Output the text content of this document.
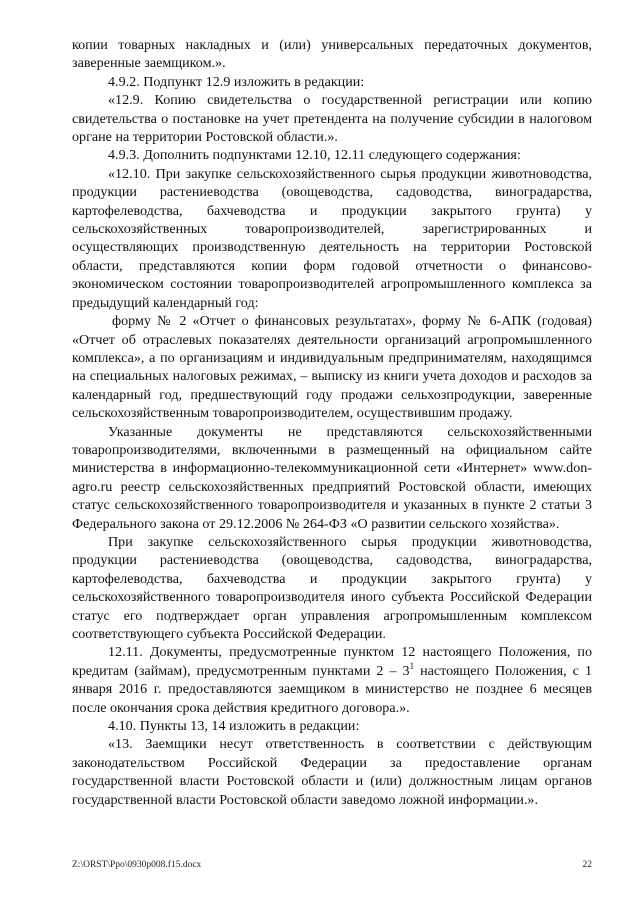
копии товарных накладных и (или) универсальных передаточных документов, заверенные заемщиком.».

4.9.2. Подпункт 12.9 изложить в редакции:

«12.9. Копию свидетельства о государственной регистрации или копию свидетельства о постановке на учет претендента на получение субсидии в налоговом органе на территории Ростовской области.».

4.9.3. Дополнить подпунктами 12.10, 12.11 следующего содержания:

«12.10. При закупке сельскохозяйственного сырья продукции животноводства, продукции растениеводства (овощеводства, садоводства, виноградарства, картофелеводства, бахчеводства и продукции закрытого грунта) у сельскохозяйственных товаропроизводителей, зарегистрированных и осуществляющих производственную деятельность на территории Ростовской области, представляются копии форм годовой отчетности о финансово-экономическом состоянии товаропроизводителей агропромышленного комплекса за предыдущий календарный год:

форму № 2 «Отчет о финансовых результатах», форму № 6-АПК (годовая) «Отчет об отраслевых показателях деятельности организаций агропромышленного комплекса», а по организациям и индивидуальным предпринимателям, находящимся на специальных налоговых режимах, – выписку из книги учета доходов и расходов за календарный год, предшествующий году продажи сельхозпродукции, заверенные сельскохозяйственным товаропроизводителем, осуществившим продажу.

Указанные документы не представляются сельскохозяйственными товаропроизводителями, включенными в размещенный на официальном сайте министерства в информационно-телекоммуникационной сети «Интернет» www.don-agro.ru реестр сельскохозяйственных предприятий Ростовской области, имеющих статус сельскохозяйственного товаропроизводителя и указанных в пункте 2 статьи 3 Федерального закона от 29.12.2006 № 264-ФЗ «О развитии сельского хозяйства».

При закупке сельскохозяйственного сырья продукции животноводства, продукции растениеводства (овощеводства, садоводства, виноградарства, картофелеводства, бахчеводства и продукции закрытого грунта) у сельскохозяйственного товаропроизводителя иного субъекта Российской Федерации статус его подтверждает орган управления агропромышленным комплексом соответствующего субъекта Российской Федерации.

12.11. Документы, предусмотренные пунктом 12 настоящего Положения, по кредитам (займам), предусмотренным пунктами $2 - 3^1$ настоящего Положения, с 1 января 2016 г. предоставляются заемщиком в министерство не позднее 6 месяцев после окончания срока действия кредитного договора.».

4.10. Пункты 13, 14 изложить в редакции:

«13. Заемщики несут ответственность в соответствии с действующим законодательством Российской Федерации за предоставление органам государственной власти Ростовской области и (или) должностным лицам органов государственной власти Ростовской области заведомо ложной информации.».

Z:\ORST\Ppo\0930p008.f15.docx	22
